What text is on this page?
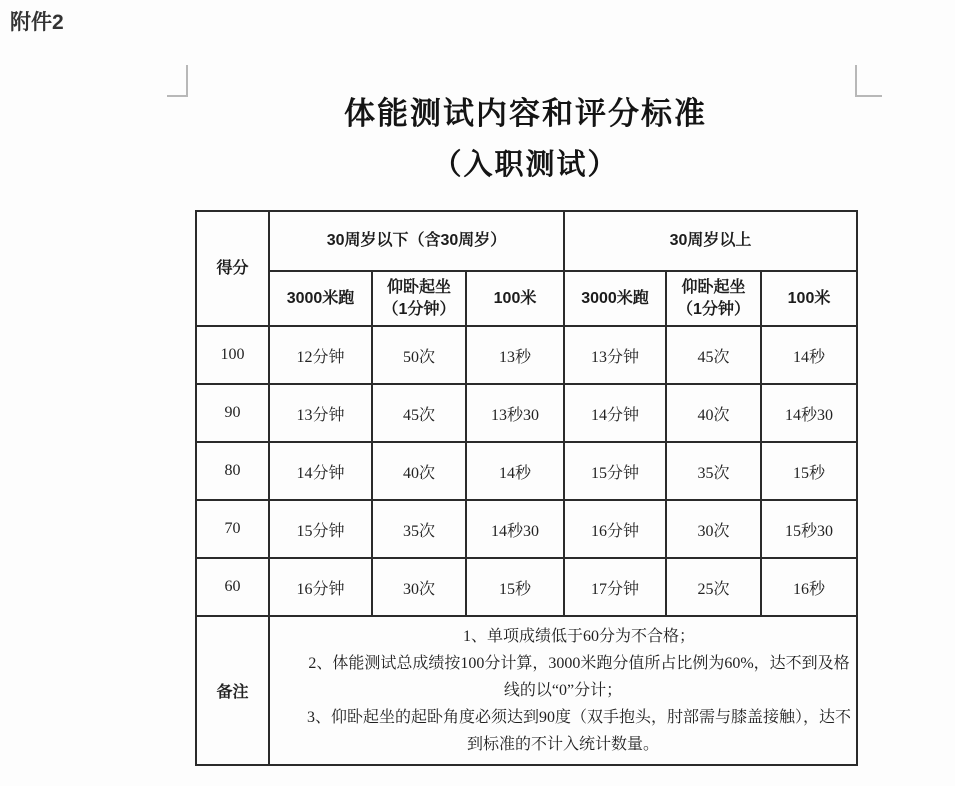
附件2
体能测试内容和评分标准
（入职测试）
得分	30周岁以下（含30周岁）			30周岁以上		
	3000米跑	仰卧起坐（1分钟）	100米	3000米跑	仰卧起坐（1分钟）	100米
100	12分钟	50次	13秒	13分钟	45次	14秒
90	13分钟	45次	13秒30	14分钟	40次	14秒30
80	14分钟	40次	14秒	15分钟	35次	15秒
70	15分钟	35次	14秒30	16分钟	30次	15秒30
60	16分钟	30次	15秒	17分钟	25次	16秒
备注	1、单项成绩低于60分为不合格；

2、体能测试总成绩按100分计算，3000米跑分值所占比例为60%，达不到及格线的以“0”分计；

3、仰卧起坐的起卧角度必须达到90度（双手抱头，肘部需与膝盖接触），达不到标准的不计入统计数量。					
